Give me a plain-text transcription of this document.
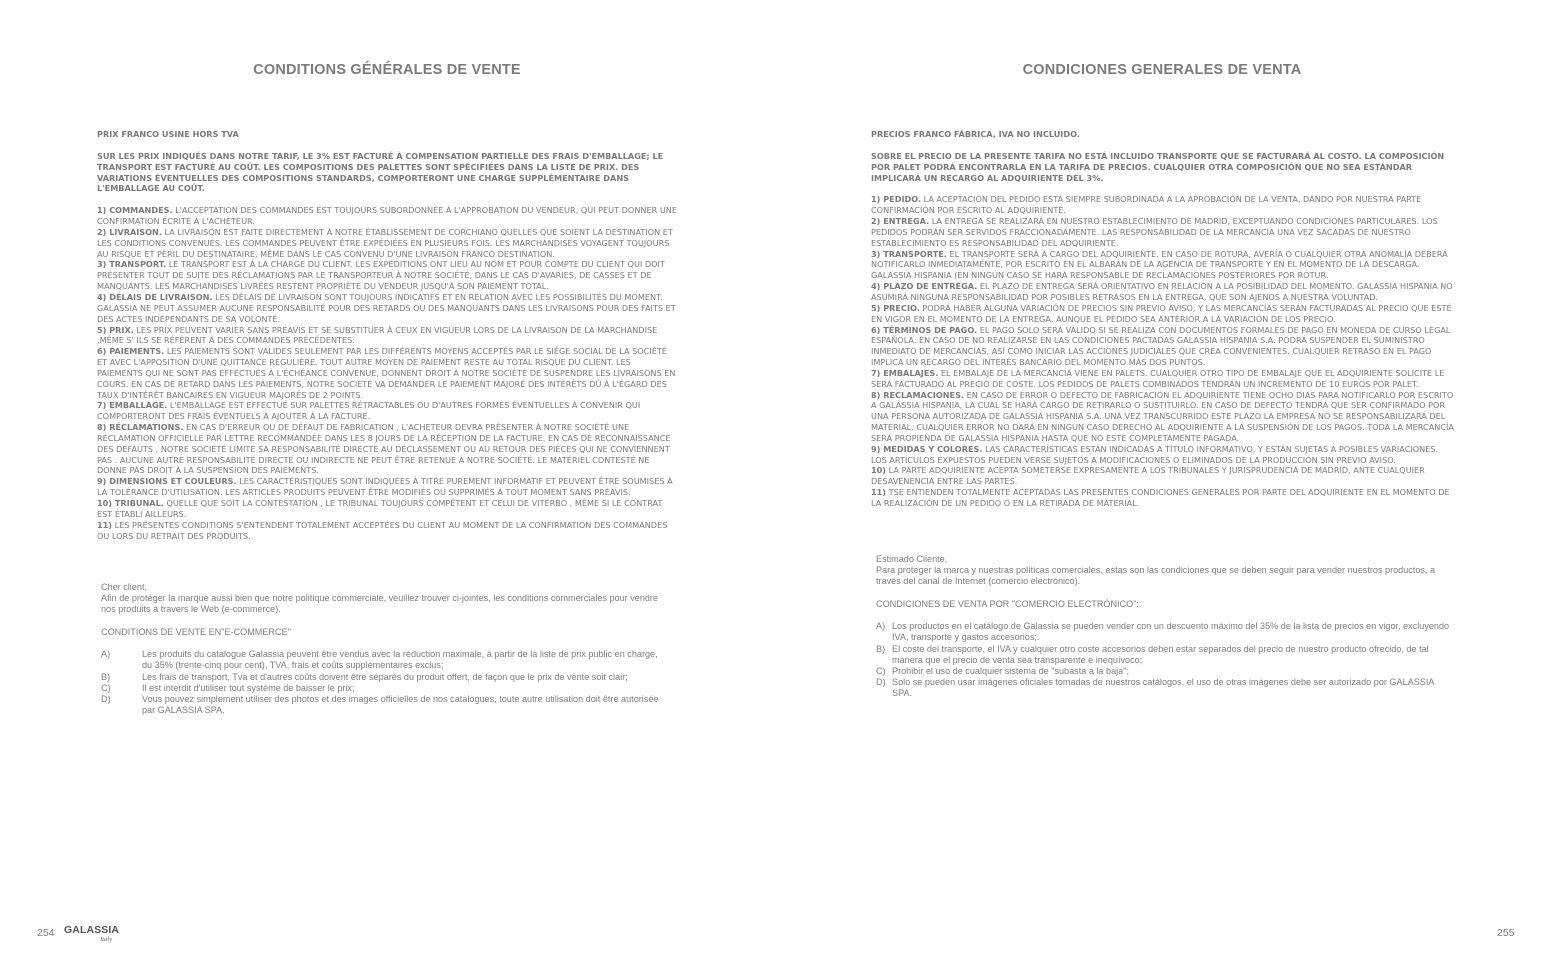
CONDITIONS GÉNÉRALES DE VENTE

PRIX FRANCO USINE HORS TVA

SUR LES PRIX INDIQUÉS DANS NOTRE TARIF, LE 3% EST FACTURÉ À COMPENSATION PARTIELLE DES FRAIS D'EMBALLAGE; LE TRANSPORT EST FACTURÉ AU COÛT. LES COMPOSITIONS DES PALETTES SONT SPÉCIFIÉES DANS LA LISTE DE PRIX. DES VARIATIONS ÉVENTUELLES DES COMPOSITIONS STANDARDS, COMPORTERONT UNE CHARGE SUPPLÉMENTAIRE DANS L'EMBALLAGE AU COÛT.

1) COMMANDES. L'ACCEPTATION DES COMMANDES EST TOUJOURS SUBORDONNÉE À L'APPROBATION DU VENDEUR, QUI PEUT DONNER UNE CONFIRMATION ÉCRITE À L'ACHETEUR.

2) LIVRAISON. LA LIVRAISON EST FAITE DIRECTEMENT À NOTRE ÉTABLISSEMENT DE CORCHIANO QUELLES QUE SOIENT LA DESTINATION ET LES CONDITIONS CONVENUES. LES COMMANDES PEUVENT ÊTRE EXPÉDIÉES EN PLUSIEURS FOIS. LES MARCHANDISES VOYAGENT TOUJOURS AU RISQUE ET PÉRIL DU DESTINATAIRE, MÊME DANS LE CAS CONVENU D'UNE LIVRAISON FRANCO DESTINATION.

3) TRANSPORT. LE TRANSPORT EST À LA CHARGE DU CLIENT. LES EXPÉDITIONS ONT LIEU AU NOM ET POUR COMPTE DU CLIENT QUI DOIT PRÉSENTER TOUT DE SUITE DES RÉCLAMATIONS PAR LE TRANSPORTEUR À NOTRE SOCIÉTÉ, DANS LE CAS D'AVARIES, DE CASSES ET DE MANQUANTS. LES MARCHANDISES LIVRÉES RESTENT PROPRIÉTÉ DU VENDEUR JUSQU'À SON PAIEMENT TOTAL.

4) DÉLAIS DE LIVRAISON. LES DÉLAIS DE LIVRAISON SONT TOUJOURS INDICATIFS ET EN RELATION AVEC LES POSSIBILITÉS DU MOMENT. GALASSIA NE PEUT ASSUMER AUCUNE RESPONSABILITÉ POUR DES RETARDS OU DES MANQUANTS DANS LES LIVRAISONS POUR DES FAITS ET DES ACTES INDÉPENDANTS DE SA VOLONTÉ.

5) PRIX. LES PRIX PEUVENT VARIER SANS PRÉAVIS ET SE SUBSTITUER À CEUX EN VIGUEUR LORS DE LA LIVRAISON DE LA MARCHANDISE ,MÊME S' ILS SE RÉFÈRENT À DES COMMANDES PRÉCÉDENTES.

6) PAIEMENTS. LES PAIEMENTS SONT VALIDES SEULEMENT PAR LES DIFFÉRENTS MOYENS ACCEPTÉS PAR LE SIÈGE SOCIAL DE LA SOCIÉTÉ ET AVEC L'APPOSITION D'UNE QUITTANCE RÉGULIÈRE. TOUT AUTRE MOYEN DE PAIEMENT RESTE AU TOTAL RISQUE DU CLIENT. LES PAIEMENTS QUI NE SONT PAS EFFECTUÉS À L'ÉCHÉANCE CONVENUE, DONNENT DROIT À NOTRE SOCIÉTÉ DE SUSPENDRE LES LIVRAISONS EN COURS. EN CAS DE RETARD DANS LES PAIEMENTS, NOTRE SOCIÉTÉ VA DEMANDER LE PAIEMENT MAJORÉ DES INTÉRÊTS DÛ À L'ÉGARD DES TAUX D'INTÉRÊT BANCAIRES EN VIGUEUR MAJORÉS DE 2 POINTS.

7) EMBALLAGE. L'EMBALLAGE EST EFFECTUÉ SUR PALETTES RÉTRACTABLES OU D'AUTRES FORMES ÉVENTUELLES À CONVENIR QUI COMPORTERONT DES FRAIS ÉVENTUELS À AJOUTER À LA FACTURE.

8) RÉCLAMATIONS. EN CAS D'ERREUR OU DE DÉFAUT DE FABRICATION , L'ACHETEUR DEVRA PRÉSENTER À NOTRE SOCIÉTÉ UNE RÉCLAMATION OFFICIELLE PAR LETTRE RECOMMANDÉE DANS LES 8 JOURS DE LA RÉCEPTION DE LA FACTURE. EN CAS DE RECONNAISSANCE DES DÉFAUTS , NOTRE SOCIÉTÉ LIMITE SA RESPONSABILITÉ DIRECTE AU DÉCLASSEMENT OU AU RETOUR DES PIÈCES QUI NE CONVIENNENT PAS . AUCUNE AUTRE RESPONSABILITÉ DIRECTE OU INDIRECTE NE PEUT ÊTRE RETENUE À NOTRE SOCIÉTÉ. LE MATÉRIEL CONTESTÉ NE DONNE PAS DROIT À LA SUSPENSION DES PAIEMENTS.

9) DIMENSIONS ET COULEURS. LES CARACTÉRISTIQUES SONT INDIQUÉES À TITRE PUREMENT INFORMATIF ET PEUVENT ÊTRE SOUMISES À LA TOLÉRANCE D'UTILISATION. LES ARTICLES PRODUITS PEUVENT ÊTRE MODIFIÉS OU SUPPRIMÉS À TOUT MOMENT SANS PRÉAVIS.

10) TRIBUNAL. QUELLE QUE SOIT LA CONTESTATION , LE TRIBUNAL TOUJOURS COMPÉTENT ET CELUI DE VITERBO , MÊME SI LE CONTRAT EST ÉTABLI AILLEURS.

11) LES PRÉSENTES CONDITIONS S'ENTENDENT TOTALEMENT ACCEPTÉES DU CLIENT AU MOMENT DE LA CONFIRMATION DES COMMANDES OU LORS DU RETRAIT DES PRODUITS.

Cher client,

Afin de protéger la marque aussi bien que notre politique commerciale, veuillez trouver ci-jointes, les conditions commerciales pour vendre nos produits à travers le Web (e-commerce).

CONDITIONS DE VENTE EN"E-COMMERCE"

A)	Les produits du catalogue Galassia peuvent être vendus avec la réduction maximale, à partir de la liste de prix public en charge, du 35% (trente-cinq pour cent), TVA, frais et coûts supplémentaires exclus;
B)	Les frais de transport, Tva et d'autres coûts doivent être séparés du produit offert, de façon que le prix de vente soit clair;
C)	Il est interdit d'utiliser tout système de baisser le prix;
D)	Vous pouvez simplement utiliser des photos et des images officielles de nos catalogues, toute autre utilisation doit être autorisée par GALASSIA SPA.
254 GALASSIA
Italy
CONDICIONES GENERALES DE VENTA

PRECIOS FRANCO FÁBRICA, IVA NO INCLUIDO.

SOBRE EL PRECIO DE LA PRESENTE TARIFA NO ESTÁ INCLUIDO TRANSPORTE QUE SE FACTURARÁ AL COSTO. LA COMPOSICIÓN POR PALET PODRÁ ENCONTRARLA EN LA TARIFA DE PRECIOS. CUALQUIER OTRA COMPOSICIÓN QUE NO SEA ESTÁNDAR IMPLICARÁ UN RECARGO AL ADQUIRIENTE DEL 3%.

1) PEDIDO. LA ACEPTACIÓN DEL PEDIDO ESTÁ SIEMPRE SUBORDINADA A LA APROBACIÓN DE LA VENTA, DÁNDO POR NUESTRA PARTE CONFIRMACIÓN POR ESCRITO AL ADQUIRIENTE.

2) ENTREGA. LA ENTREGA SE REALIZARÁ EN NUESTRO ESTABLECIMIENTO DE MADRID, EXCEPTUANDO CONDICIONES PARTICULARES. LOS PEDIDOS PODRÁN SER SERVIDOS FRACCIONADAMENTE. LAS RESPONSABILIDAD DE LA MERCANCÍA UNA VEZ SACADAS DE NUESTRO ESTABLECIMIENTO ES RESPONSABILIDAD DEL ADQUIRIENTE.

3) TRANSPORTE. EL TRANSPORTE SERÁ A CARGO DEL ADQUIRIENTE. EN CASO DE ROTURA, AVERÍA O CUALQUIER OTRA ANOMALÍA DEBERÁ NOTIFICARLO INMEDIATAMENTE, POR ESCRITO EN EL ALBARÁN DE LA AGENCIA DE TRANSPORTE Y EN EL MOMENTO DE LA DESCARGA. GALASSIA HISPANIA (EN NINGÚN CASO SE HARÁ RESPONSABLE DE RECLAMACIONES POSTERIORES POR ROTUR.

4) PLAZO DE ENTREGA. EL PLAZO DE ENTREGA SERÁ ORIENTATIVO EN RELACIÓN A LA POSIBILIDAD DEL MOMENTO. GALASSIA HISPANIA NO ASUMIRÁ NINGUNA RESPONSABILIDAD POR POSIBLES RETRASOS EN LA ENTREGA, QUE SON AJENOS A NUESTRA VOLUNTAD.

5) PRECIO. PODRÁ HABER ALGUNA VARIACIÓN DE PRECIOS SIN PREVIO AVISO, Y LAS MERCANCÍAS SERÁN FACTURADAS AL PRECIO QUE ESTÉ EN VIGOR EN EL MOMENTO DE LA ENTREGA, AUNQUE EL PEDIDO SEA ANTERIOR A LA VARIACIÓN DE LOS PRECIO.

6) TÉRMINOS DE PAGO. EL PAGO SOLO SERÁ VÁLIDO SI SE REALIZA CON DOCUMENTOS FORMALES DE PAGO EN MONEDA DE CURSO LEGAL ESPAÑOLA. EN CASO DE NO REALIZARSE EN LAS CONDICIONES PACTADAS GALASSIA HISPANIA S.A. PODRÁ SUSPENDER EL SUMINISTRO INMEDIATO DE MERCANCÍAS, ASÍ COMO INICIAR LAS ACCIONES JUDICIALES QUE CREA CONVENIENTES. CUALQUIER RETRASO EN EL PAGO IMPLICA UN RECARGO DEL INTERÉS BANCARIO DEL MOMENTO MÁS DOS PUNTOS.

7) EMBALAJES. EL EMBALAJE DE LA MERCANCÍA VIENE EN PALETS. CUALQUIER OTRO TIPO DE EMBALAJE QUE EL ADQUIRIENTE SOLICITE LE SERÁ FACTURADO AL PRECIO DE COSTE. LOS PEDIDOS DE PALETS COMBINADOS TENDRÁN UN INCREMENTO DE 10 EUROS POR PALET.

8) RECLAMACIONES. EN CASO DE ERROR O DEFECTO DE FABRICACIÓN EL ADQUIRIENTE TIENE OCHO DIAS PARA NOTIFICARLO POR ESCRITO A GALASSIA HISPANIA, LA CUAL SE HARÁ CARGO DE RETIRARLO O SUSTITUIRLO. EN CASO DE DEFECTO TENDRÁ QUE SER CONFIRMADO POR UNA PERSONA AUTORIZADA DE GALASSIA HISPANIA S.A. UNA VEZ TRANSCURRIDO ESTE PLAZO LA EMPRESA NO SE RESPONSABILIZARÁ DEL MATERIAL. CUALQUIER ERROR NO DARÁ EN NINGUN CASO DERECHO AL ADQUIRIENTE A LA SUSPENSIÓN DE LOS PAGOS. TODA LA MERCANCÍA SERÁ PROPIENDA DE GALASSIA HISPANIA HASTA QUE NO ESTE COMPLETAMENTE PAGADA.

9) MEDIDAS Y COLORES. LAS CARACTERÍSTICAS ESTÁN INDICADAS A TÍTULO INFORMATIVO, Y ESTÁN SUJETAS A POSIBLES VARIACIONES. LOS ARTÍCULOS EXPUESTOS PUEDEN VERSE SUJETOS A MODIFICACIONES O ELIMINADOS DE LA PRODUCCIÓN SIN PREVIO AVISO.

10) LA PARTE ADQUIRIENTE ACEPTA SOMETERSE EXPRESAMENTE A LOS TRIBUNALES Y JURISPRUDENCIA DE MADRID, ANTE CUALQUIER DESAVENENCIA ENTRE LAS PARTES.

11) TSE ENTIENDEN TOTALMENTE ACEPTADAS LAS PRESENTES CONDICIONES GENERALES POR PARTE DEL ADQUIRIENTE EN EL MOMENTO DE LA REALIZACIÓN DE UN PEDIDO O EN LA RETIRADA DE MATERIAL.

Estimado Cliente,

Para proteger la marca y nuestras políticas comerciales, estas son las condiciones que se deben seguir para vender nuestros productos, a través del canal de Internet (comercio electrónico).

CONDICIONES DE VENTA POR "COMERCIO ELECTRÓNICO":

A) Los productos en el catálogo de Galassia se pueden vender con un descuento máximo del 35% de la lista de precios en vigor, excluyendo IVA, transporte y gastos accesorios;.
B) El coste del transporte, el IVA y cualquier otro coste accesorios deben estar separados del precio de nuestro producto ofrecido, de tal manera que el precio de venta sea transparente e inequívoco;
C) Prohibir el uso de cualquier sistema de "subasta a la baja";
D) Solo se pueden usar imágenes oficiales tomadas de nuestros catálogos, el uso de otras imágenes debe ser autorizado por GALASSIA SPA.
255
